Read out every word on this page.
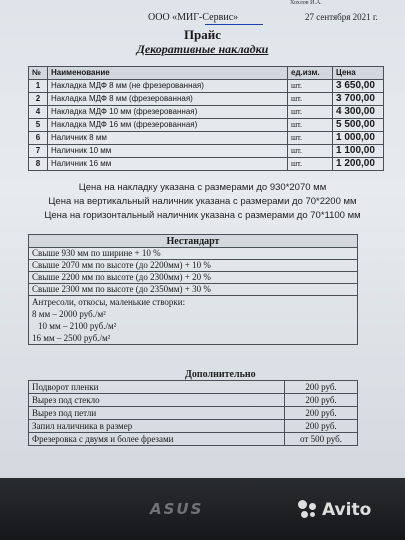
Хохлов И.А.
ООО «МИГ-Сервис»	27 сентября 2021 г.
Прайс
Декоративные накладки
№	Наименование	ед.изм.	Цена
1	Накладка МДФ 8 мм (не фрезерованная)	шт.	3 650,00
2	Накладка МДФ 8 мм (фрезерованная)	шт.	3 700,00
4	Накладка МДФ 10 мм (фрезерованная)	шт.	4 300,00
5	Накладка МДФ 16 мм (фрезерованная)	шт.	5 500,00
6	Наличник 8 мм	шт.	1 000,00
7	Наличник 10 мм	шт.	1 100,00
8	Наличник 16 мм	шт.	1 200,00
Цена на накладку указана с размерами до 930*2070 мм
Цена на вертикальный наличник указана с размерами до 70*2200 мм
Цена на горизонтальный наличник указана с размерами до 70*1100 мм
Нестандарт
Свыше 930 мм по ширине + 10 %
Свыше 2070 мм по высоте (до 2200мм) + 10 %
Свыше 2200 мм по высоте (до 2300мм) + 20 %
Свыше 2300 мм по высоте (до 2350мм) + 30 %

Антресоли, откосы, маленькие створки:
8 мм – 2000 руб./м²
10 мм – 2100 руб./м²
16 мм – 2500 руб./м²
Дополнительно
Подворот пленки	200 руб.
Вырез под стекло	200 руб.
Вырез под петли	200 руб.
Запил наличника в размер	200 руб.
Фрезеровка с двумя и более фрезами	от 500 руб.
ASUS	Avito
